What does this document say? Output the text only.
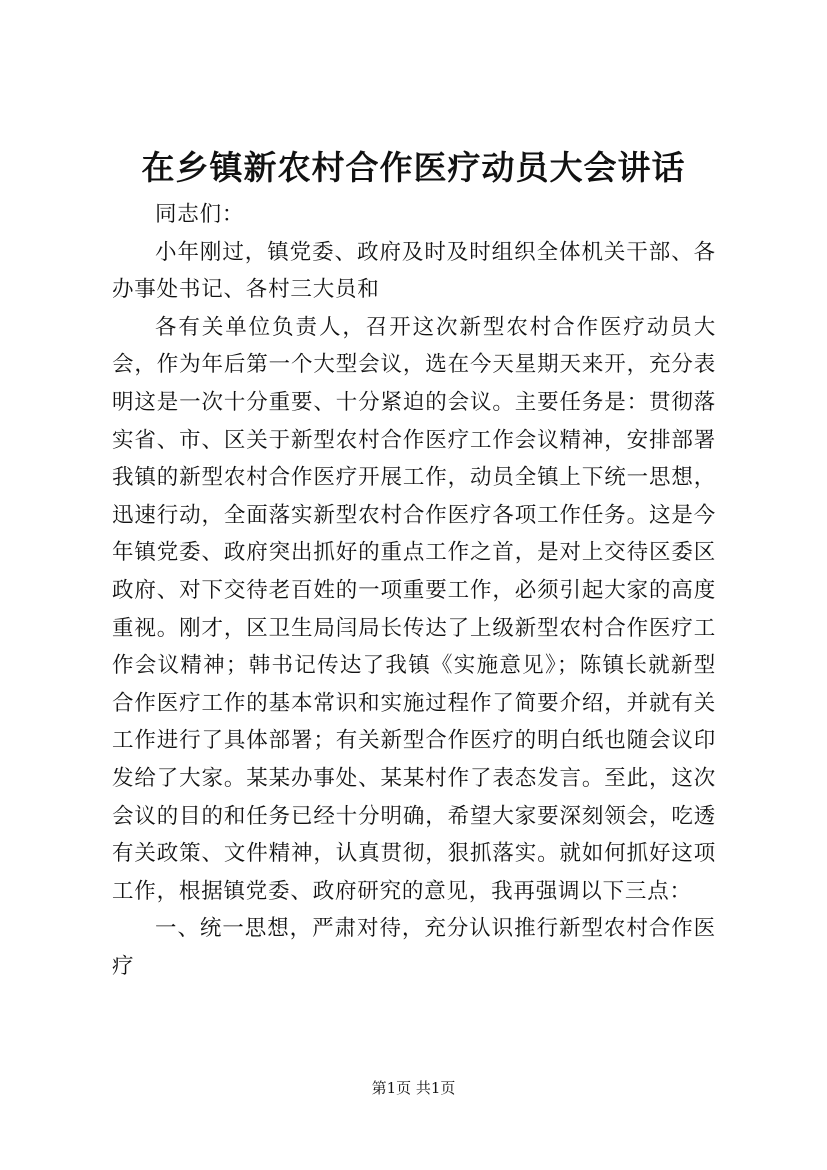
在乡镇新农村合作医疗动员大会讲话

同志们：

小年刚过，镇党委、政府及时及时组织全体机关干部、各办事处书记、各村三大员和

各有关单位负责人，召开这次新型农村合作医疗动员大会，作为年后第一个大型会议，选在今天星期天来开，充分表明这是一次十分重要、十分紧迫的会议。主要任务是：贯彻落实省、市、区关于新型农村合作医疗工作会议精神，安排部署我镇的新型农村合作医疗开展工作，动员全镇上下统一思想，迅速行动，全面落实新型农村合作医疗各项工作任务。这是今年镇党委、政府突出抓好的重点工作之首，是对上交待区委区政府、对下交待老百姓的一项重要工作，必须引起大家的高度重视。刚才，区卫生局闫局长传达了上级新型农村合作医疗工作会议精神；韩书记传达了我镇《实施意见》；陈镇长就新型合作医疗工作的基本常识和实施过程作了简要介绍，并就有关工作进行了具体部署；有关新型合作医疗的明白纸也随会议印发给了大家。某某办事处、某某村作了表态发言。至此，这次会议的目的和任务已经十分明确，希望大家要深刻领会，吃透有关政策、文件精神，认真贯彻，狠抓落实。就如何抓好这项工作，根据镇党委、政府研究的意见，我再强调以下三点：

一、统一思想，严肃对待，充分认识推行新型农村合作医疗

第1页 共1页
